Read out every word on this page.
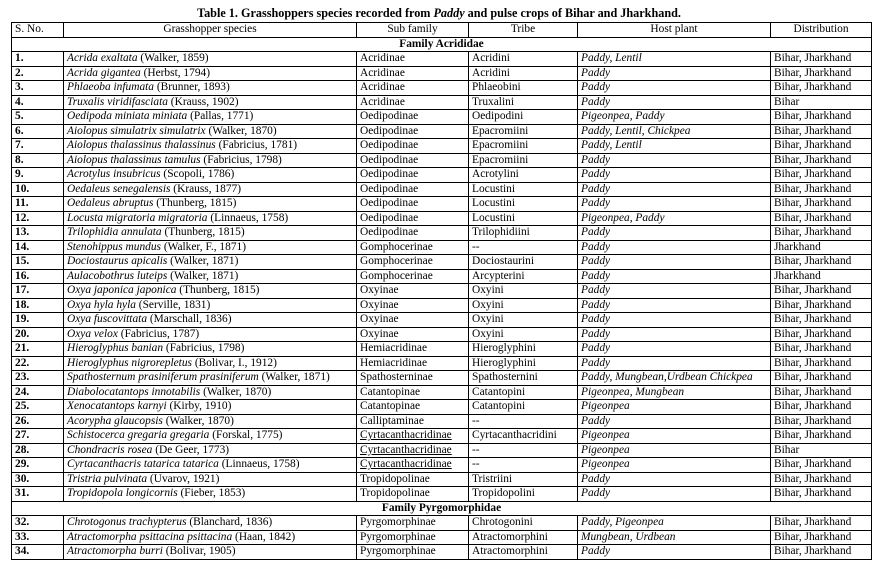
Table 1. Grasshoppers species recorded from Paddy and pulse crops of Bihar and Jharkhand.
S. No.	Grasshopper species	Sub family	Tribe	Host plant	Distribution
Family Acrididae					
1.	Acrida exaltata (Walker, 1859)	Acridinae	Acridini	Paddy, Lentil	Bihar, Jharkhand
2.	Acrida gigantea (Herbst, 1794)	Acridinae	Acridini	Paddy	Bihar, Jharkhand
3.	Phlaeoba infumata (Brunner, 1893)	Acridinae	Phlaeobini	Paddy	Bihar, Jharkhand
4.	Truxalis viridifasciata (Krauss, 1902)	Acridinae	Truxalini	Paddy	Bihar
5.	Oedipoda miniata miniata (Pallas, 1771)	Oedipodinae	Oedipodini	Pigeonpea, Paddy	Bihar, Jharkhand
6.	Aiolopus simulatrix simulatrix (Walker, 1870)	Oedipodinae	Epacromiini	Paddy, Lentil, Chickpea	Bihar, Jharkhand
7.	Aiolopus thalassinus thalassinus (Fabricius, 1781)	Oedipodinae	Epacromiini	Paddy, Lentil	Bihar, Jharkhand
8.	Aiolopus thalassinus tamulus (Fabricius, 1798)	Oedipodinae	Epacromiini	Paddy	Bihar, Jharkhand
9.	Acrotylus insubricus (Scopoli, 1786)	Oedipodinae	Acrotylini	Paddy	Bihar, Jharkhand
10.	Oedaleus senegalensis (Krauss, 1877)	Oedipodinae	Locustini	Paddy	Bihar, Jharkhand
11.	Oedaleus abruptus (Thunberg, 1815)	Oedipodinae	Locustini	Paddy	Bihar, Jharkhand
12.	Locusta migratoria migratoria (Linnaeus, 1758)	Oedipodinae	Locustini	Pigeonpea, Paddy	Bihar, Jharkhand
13.	Trilophidia annulata (Thunberg, 1815)	Oedipodinae	Trilophidiini	Paddy	Bihar, Jharkhand
14.	Stenohippus mundus (Walker, F., 1871)	Gomphocerinae	--	Paddy	Jharkhand
15.	Dociostaurus apicalis (Walker, 1871)	Gomphocerinae	Dociostaurini	Paddy	Bihar, Jharkhand
16.	Aulacobothrus luteips (Walker, 1871)	Gomphocerinae	Arcypterini	Paddy	Jharkhand
17.	Oxya japonica japonica (Thunberg, 1815)	Oxyinae	Oxyini	Paddy	Bihar, Jharkhand
18.	Oxya hyla hyla (Serville, 1831)	Oxyinae	Oxyini	Paddy	Bihar, Jharkhand
19.	Oxya fuscovittata (Marschall, 1836)	Oxyinae	Oxyini	Paddy	Bihar, Jharkhand
20.	Oxya velox (Fabricius, 1787)	Oxyinae	Oxyini	Paddy	Bihar, Jharkhand
21.	Hieroglyphus banian (Fabricius, 1798)	Hemiacridinae	Hieroglyphini	Paddy	Bihar, Jharkhand
22.	Hieroglyphus nigrorepletus (Bolivar, I., 1912)	Hemiacridinae	Hieroglyphini	Paddy	Bihar, Jharkhand
23.	Spathosternum prasiniferum prasiniferum (Walker, 1871)	Spathosterninae	Spathosternini	Paddy, Mungbean,Urdbean Chickpea	Bihar, Jharkhand
24.	Diabolocatantops innotabilis (Walker, 1870)	Catantopinae	Catantopini	Pigeonpea, Mungbean	Bihar, Jharkhand
25.	Xenocatantops karnyi (Kirby, 1910)	Catantopinae	Catantopini	Pigeonpea	Bihar, Jharkhand
26.	Acorypha glaucopsis (Walker, 1870)	Calliptaminae	--	Paddy	Bihar, Jharkhand
27.	Schistocerca gregaria gregaria (Forskal, 1775)	Cyrtacanthacridinae	Cyrtacanthacridini	Pigeonpea	Bihar, Jharkhand
28.	Chondracris rosea (De Geer, 1773)	Cyrtacanthacridinae	--	Pigeonpea	Bihar
29.	Cyrtacanthacris tatarica tatarica (Linnaeus, 1758)	Cyrtacanthacridinae	--	Pigeonpea	Bihar, Jharkhand
30.	Tristria pulvinata (Uvarov, 1921)	Tropidopolinae	Tristriini	Paddy	Bihar, Jharkhand
31.	Tropidopola longicornis (Fieber, 1853)	Tropidopolinae	Tropidopolini	Paddy	Bihar, Jharkhand
Family Pyrgomorphidae					
32.	Chrotogonus trachypterus (Blanchard, 1836)	Pyrgomorphinae	Chrotogonini	Paddy, Pigeonpea	Bihar, Jharkhand
33.	Atractomorpha psittacina psittacina (Haan, 1842)	Pyrgomorphinae	Atractomorphini	Mungbean, Urdbean	Bihar, Jharkhand
34.	Atractomorpha burri (Bolivar, 1905)	Pyrgomorphinae	Atractomorphini	Paddy	Bihar, Jharkhand
